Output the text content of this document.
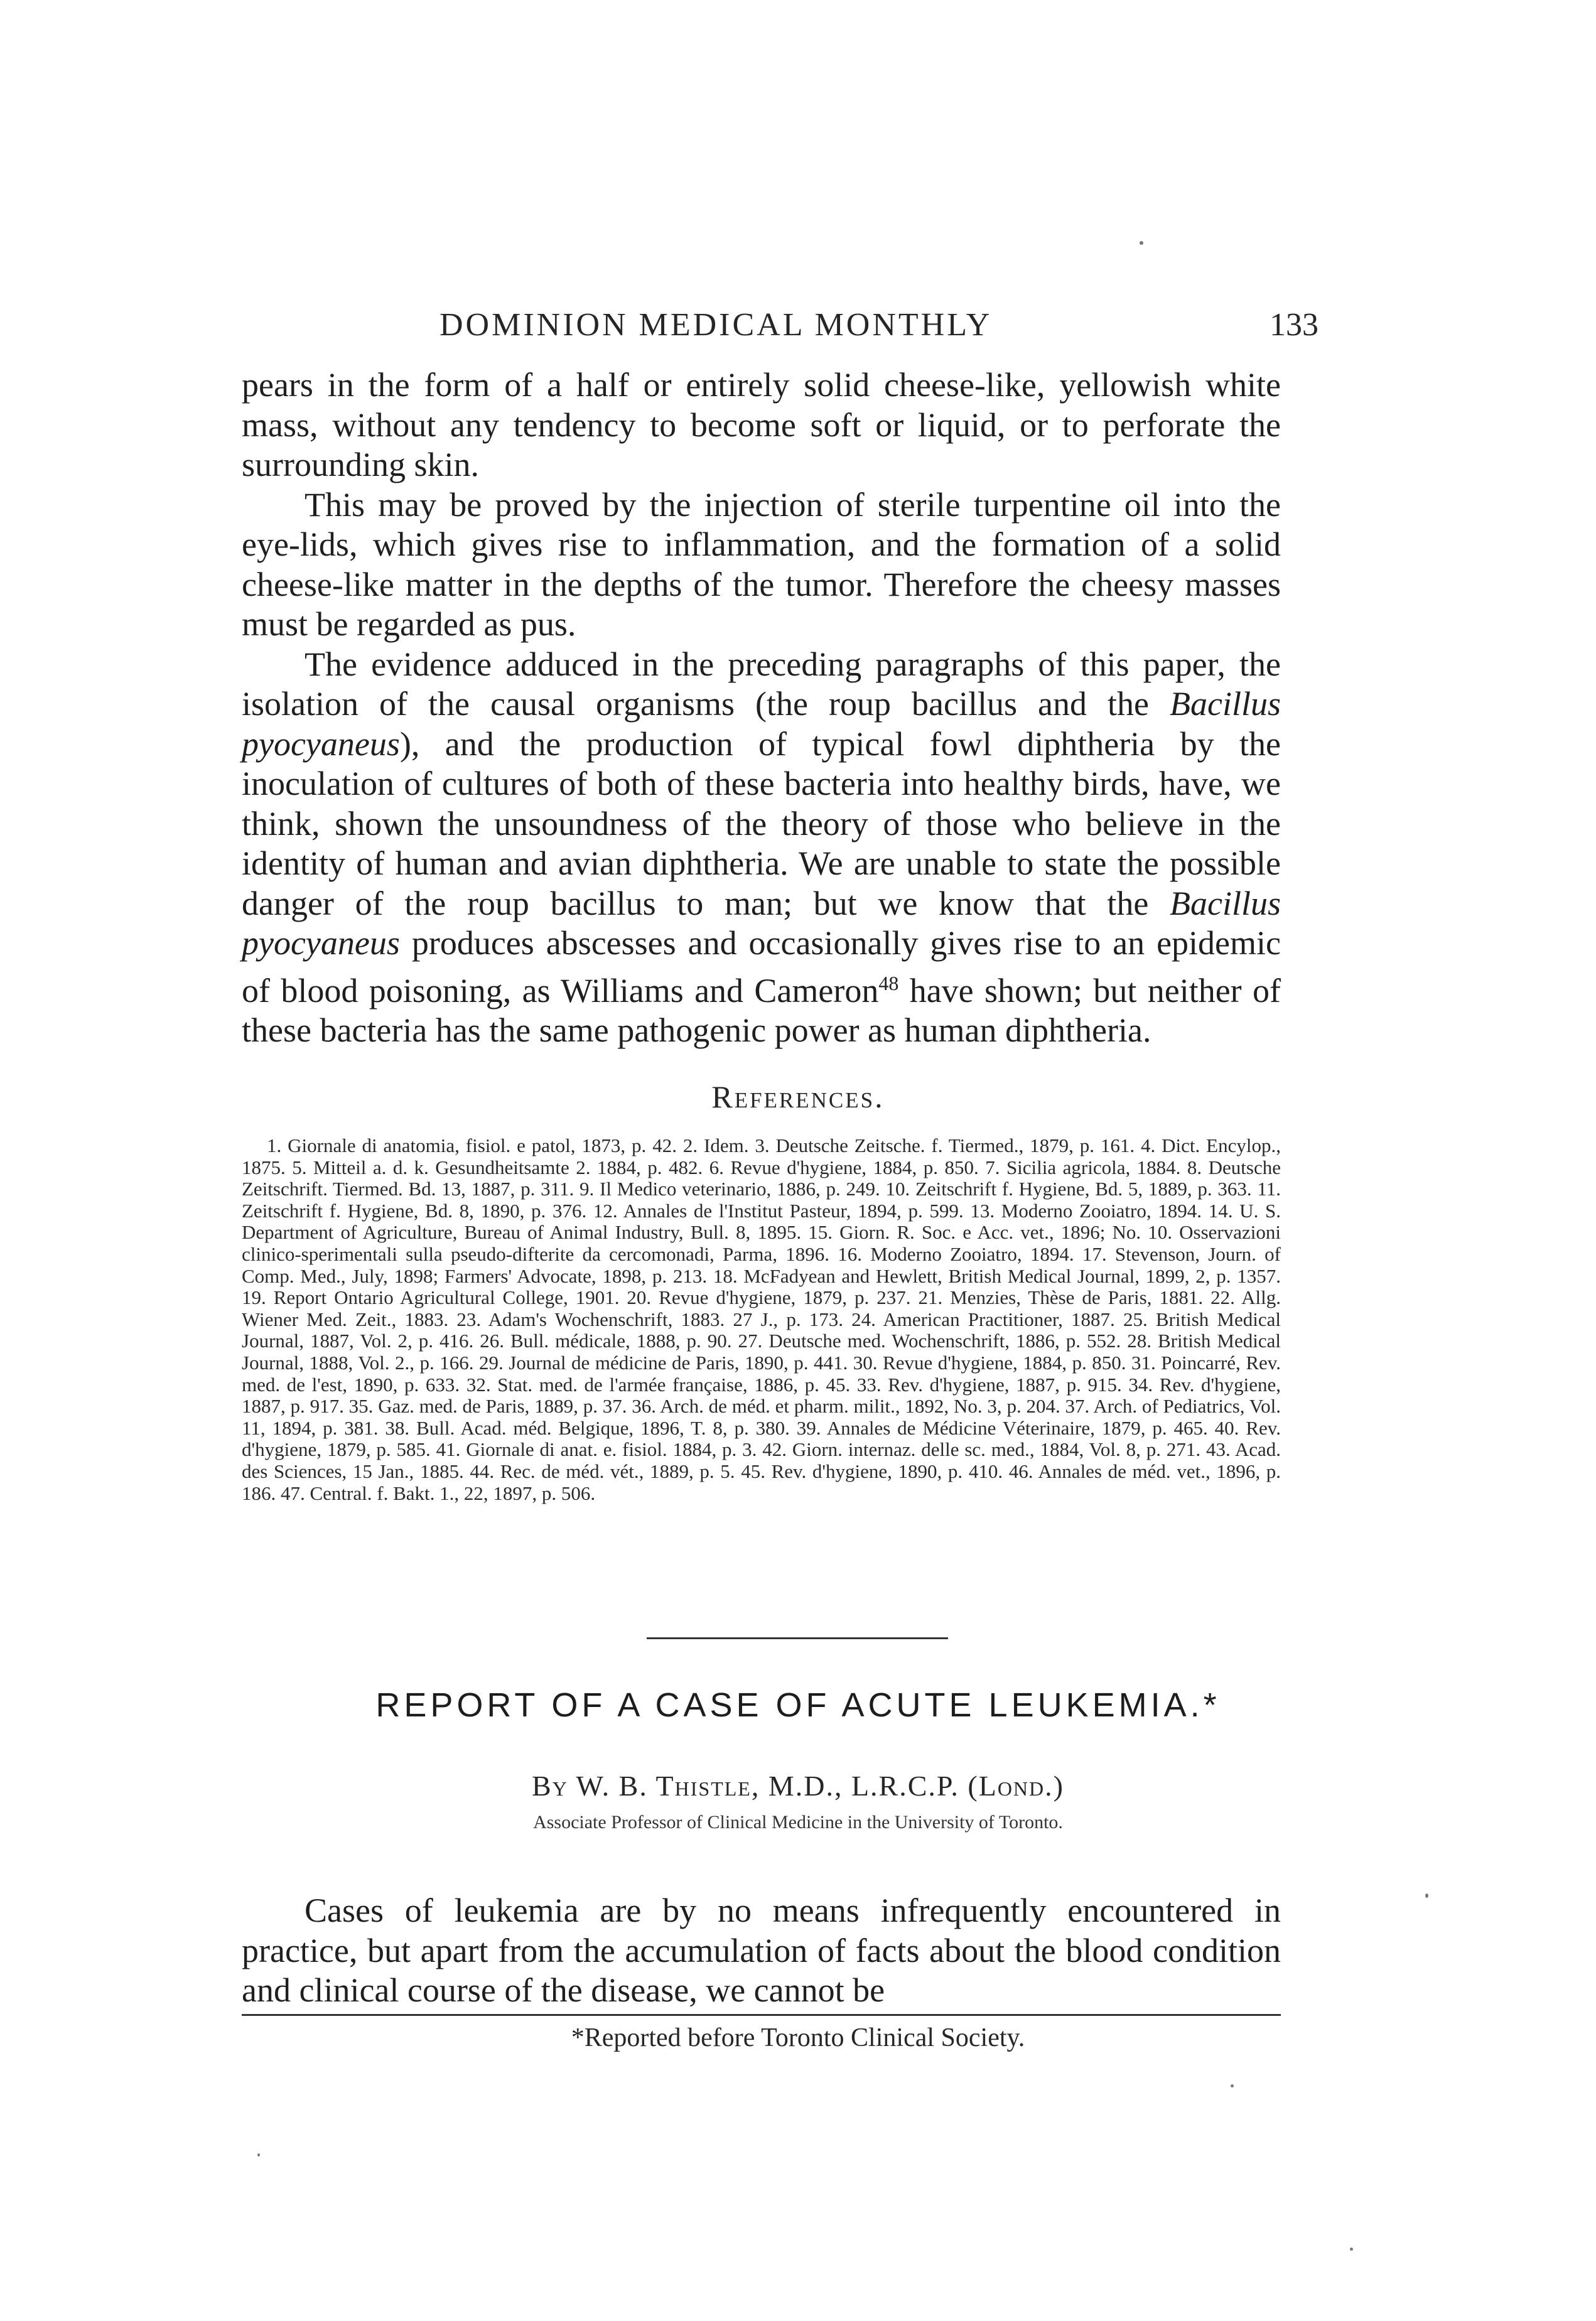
DOMINION MEDICAL MONTHLY	133

pears in the form of a half or entirely solid cheese-like, yellowish white mass, without any tendency to become soft or liquid, or to perforate the surrounding skin.

This may be proved by the injection of sterile turpentine oil into the eye-lids, which gives rise to inflammation, and the formation of a solid cheese-like matter in the depths of the tumor. Therefore the cheesy masses must be regarded as pus.

The evidence adduced in the preceding paragraphs of this paper, the isolation of the causal organisms (the roup bacillus and the Bacillus pyocyaneus), and the production of typical fowl diphtheria by the inoculation of cultures of both of these bacteria into healthy birds, have, we think, shown the unsoundness of the theory of those who believe in the identity of human and avian diphtheria. We are unable to state the possible danger of the roup bacillus to man; but we know that the Bacillus pyocyaneus produces abscesses and occasionally gives rise to an epidemic of blood poisoning, as Williams and Cameron$^{48}$ have shown; but neither of these bacteria has the same pathogenic power as human diphtheria.

References.
1. Giornale di anatomia, fisiol. e patol, 1873, p. 42. 2. Idem. 3. Deutsche Zeitsche. f. Tiermed., 1879, p. 161. 4. Dict. Encylop., 1875. 5. Mitteil a. d. k. Gesundheitsamte 2. 1884, p. 482. 6. Revue d'hygiene, 1884, p. 850. 7. Sicilia agricola, 1884. 8. Deutsche Zeitschrift. Tiermed. Bd. 13, 1887, p. 311. 9. Il Medico veterinario, 1886, p. 249. 10. Zeitschrift f. Hygiene, Bd. 5, 1889, p. 363. 11. Zeitschrift f. Hygiene, Bd. 8, 1890, p. 376. 12. Annales de l'Institut Pasteur, 1894, p. 599. 13. Moderno Zooiatro, 1894. 14. U. S. Department of Agriculture, Bureau of Animal Industry, Bull. 8, 1895. 15. Giorn. R. Soc. e Acc. vet., 1896; No. 10. Osservazioni clinico-sperimentali sulla pseudo-difterite da cercomonadi, Parma, 1896. 16. Moderno Zooiatro, 1894. 17. Stevenson, Journ. of Comp. Med., July, 1898; Farmers' Advocate, 1898, p. 213. 18. McFadyean and Hewlett, British Medical Journal, 1899, 2, p. 1357. 19. Report Ontario Agricultural College, 1901. 20. Revue d'hygiene, 1879, p. 237. 21. Menzies, Thèse de Paris, 1881. 22. Allg. Wiener Med. Zeit., 1883. 23. Adam's Wochenschrift, 1883. 27 J., p. 173. 24. American Practitioner, 1887. 25. British Medical Journal, 1887, Vol. 2, p. 416. 26. Bull. médicale, 1888, p. 90. 27. Deutsche med. Wochenschrift, 1886, p. 552. 28. British Medical Journal, 1888, Vol. 2., p. 166. 29. Journal de médicine de Paris, 1890, p. 441. 30. Revue d'hygiene, 1884, p. 850. 31. Poincarré, Rev. med. de l'est, 1890, p. 633. 32. Stat. med. de l'armée française, 1886, p. 45. 33. Rev. d'hygiene, 1887, p. 915. 34. Rev. d'hygiene, 1887, p. 917. 35. Gaz. med. de Paris, 1889, p. 37. 36. Arch. de méd. et pharm. milit., 1892, No. 3, p. 204. 37. Arch. of Pediatrics, Vol. 11, 1894, p. 381. 38. Bull. Acad. méd. Belgique, 1896, T. 8, p. 380. 39. Annales de Médicine Véterinaire, 1879, p. 465. 40. Rev. d'hygiene, 1879, p. 585. 41. Giornale di anat. e. fisiol. 1884, p. 3. 42. Giorn. internaz. delle sc. med., 1884, Vol. 8, p. 271. 43. Acad. des Sciences, 15 Jan., 1885. 44. Rec. de méd. vét., 1889, p. 5. 45. Rev. d'hygiene, 1890, p. 410. 46. Annales de méd. vet., 1896, p. 186. 47. Central. f. Bakt. 1., 22, 1897, p. 506.
REPORT OF A CASE OF ACUTE LEUKEMIA.*
By W. B. Thistle, M.D., L.R.C.P. (Lond.)
Associate Professor of Clinical Medicine in the University of Toronto.

Cases of leukemia are by no means infrequently encountered in practice, but apart from the accumulation of facts about the blood condition and clinical course of the disease, we cannot be

*Reported before Toronto Clinical Society.
